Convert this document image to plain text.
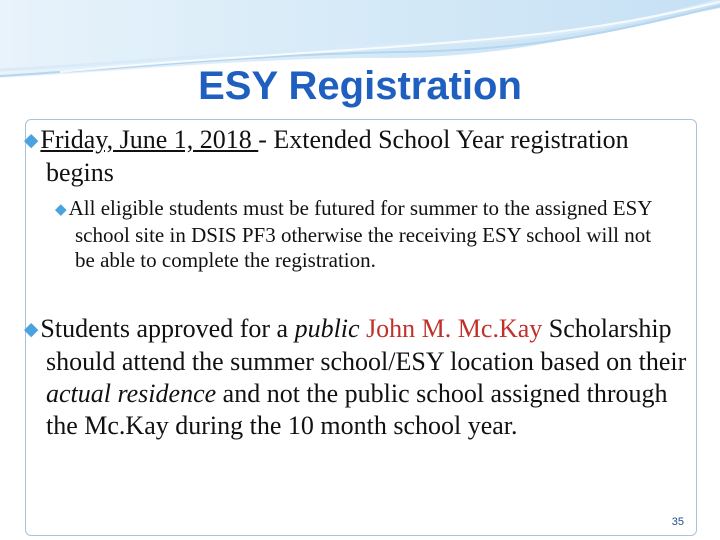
ESY Registration

◆Friday, June 1, 2018 - Extended School Year registration begins

◆All eligible students must be futured for summer to the assigned ESY school site in DSIS PF3 otherwise the receiving ESY school will not be able to complete the registration.

◆Students approved for a public John M. Mc.Kay Scholarship should attend the summer school/ESY location based on their actual residence and not the public school assigned through the Mc.Kay during the 10 month school year.

35
